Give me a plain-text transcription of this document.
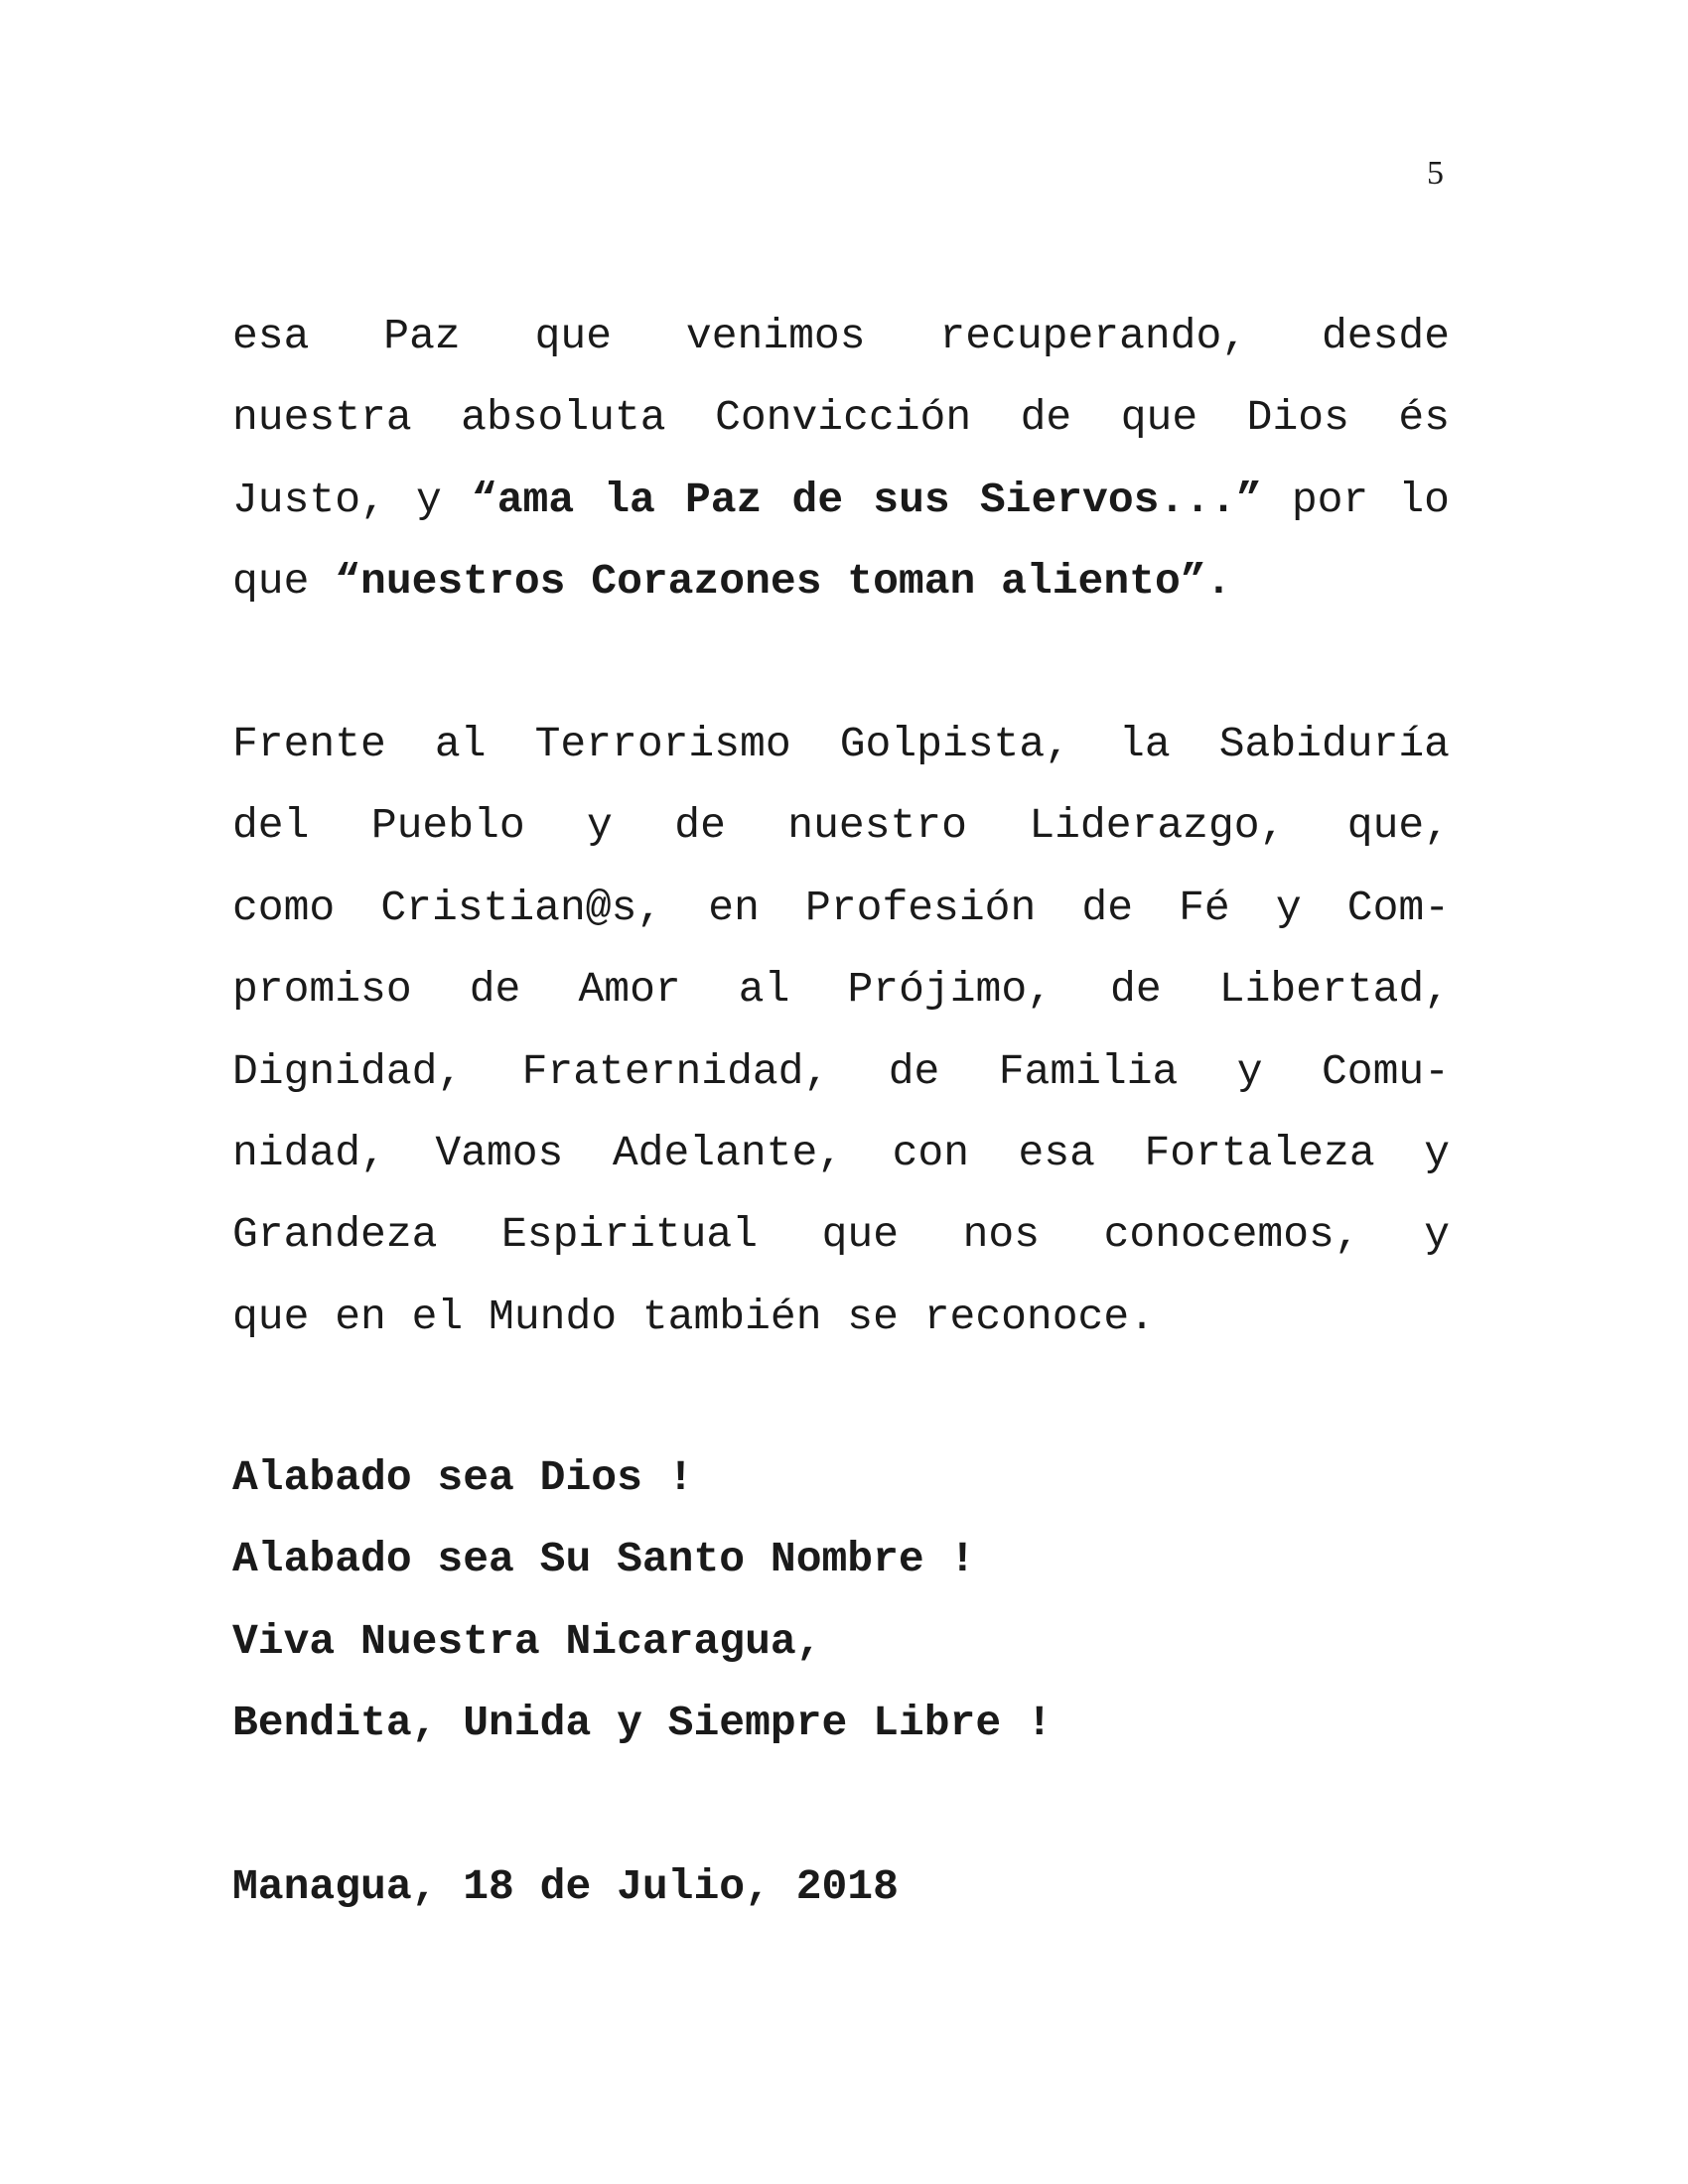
5
esa Paz que venimos recuperando, desde
nuestra absoluta Convicción de que Dios és
Justo, y “ama la Paz de sus Siervos...” por lo
que “nuestros Corazones toman aliento”.
Frente al Terrorismo Golpista, la Sabiduría
del Pueblo y de nuestro Liderazgo, que,
como Cristian@s, en Profesión de Fé y Com-
promiso de Amor al Prójimo, de Libertad,
Dignidad, Fraternidad, de Familia y Comu-
nidad, Vamos Adelante, con esa Fortaleza y
Grandeza Espiritual que nos conocemos, y
que en el Mundo también se reconoce.
Alabado sea Dios !
Alabado sea Su Santo Nombre !
Viva Nuestra Nicaragua,
Bendita, Unida y Siempre Libre !
Managua, 18 de Julio, 2018
